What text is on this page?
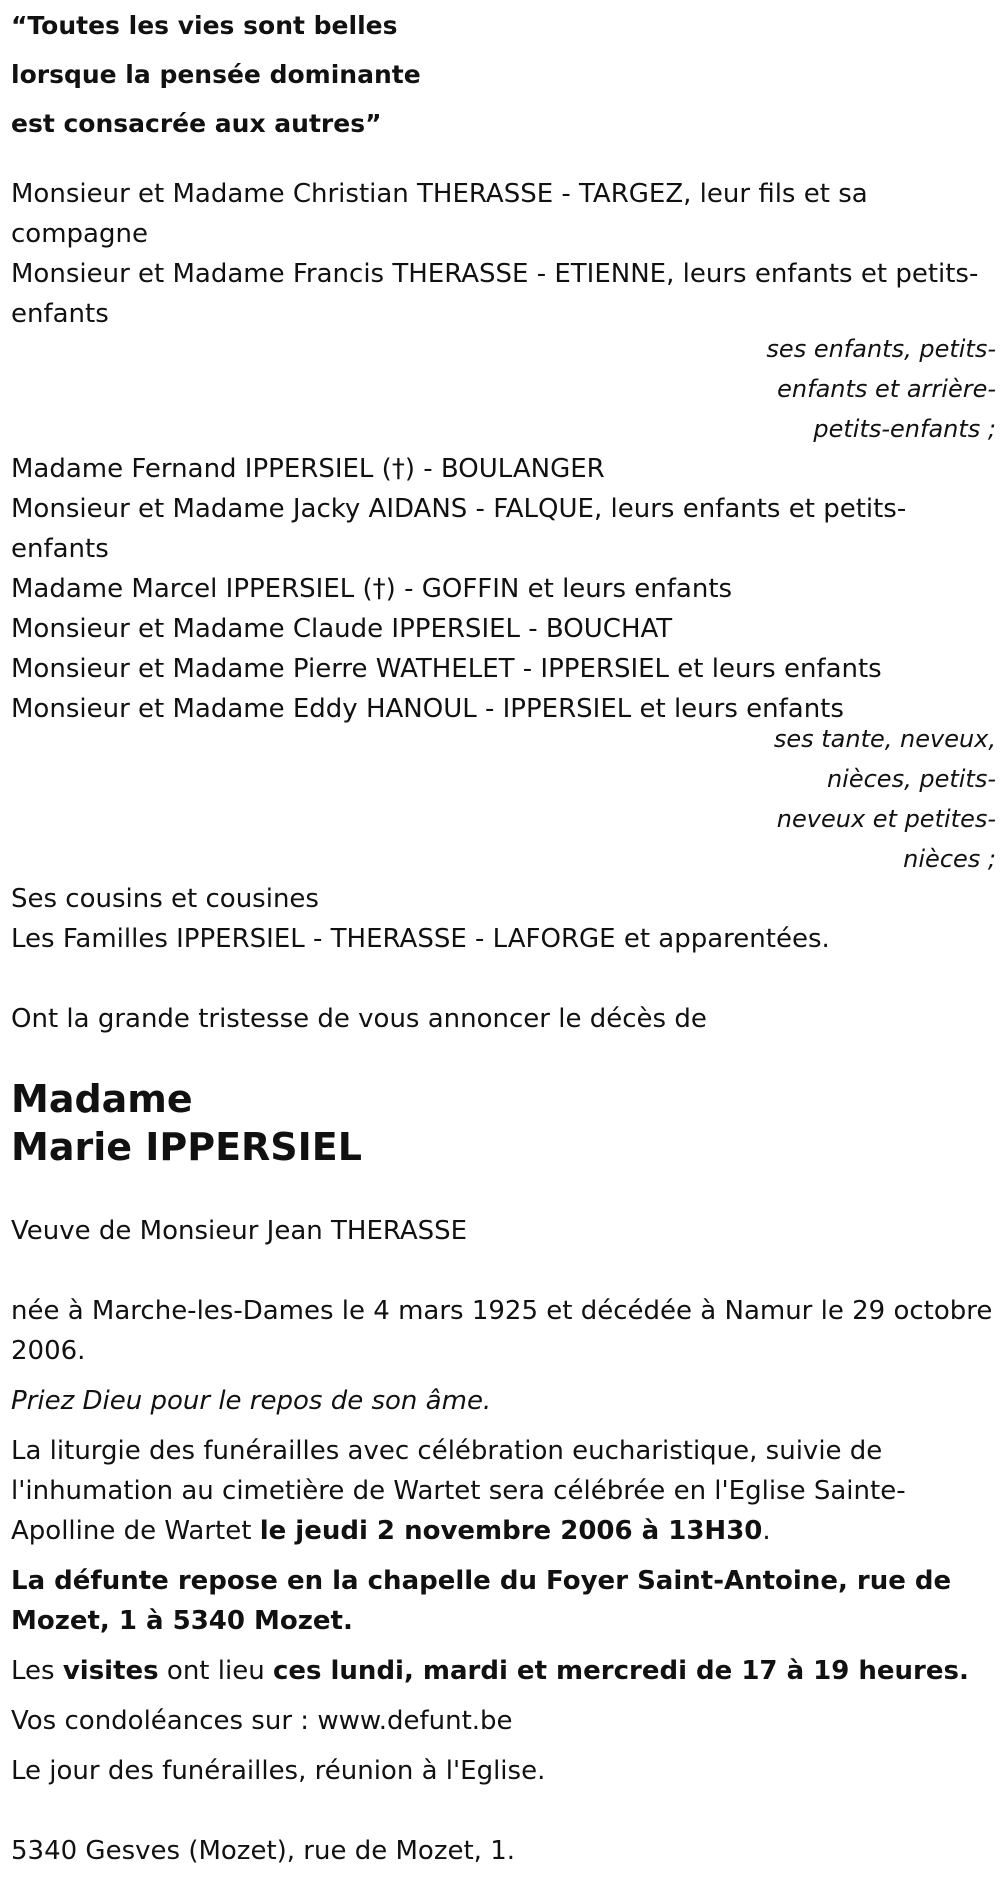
“Toutes les vies sont belles
lorsque la pensée dominante
est consacrée aux autres”
Monsieur et Madame Christian THERASSE - TARGEZ, leur fils et sa compagne
Monsieur et Madame Francis THERASSE - ETIENNE, leurs enfants et petits-enfants
ses enfants, petits-enfants et arrière-petits-enfants ;
Madame Fernand IPPERSIEL (†) - BOULANGER
Monsieur et Madame Jacky AIDANS - FALQUE, leurs enfants et petits-enfants
Madame Marcel IPPERSIEL (†) - GOFFIN et leurs enfants
Monsieur et Madame Claude IPPERSIEL - BOUCHAT
Monsieur et Madame Pierre WATHELET - IPPERSIEL et leurs enfants
Monsieur et Madame Eddy HANOUL - IPPERSIEL et leurs enfants
ses tante, neveux, nièces, petits-neveux et petites-nièces ;
Ses cousins et cousines
Les Familles IPPERSIEL - THERASSE - LAFORGE et apparentées.
Ont la grande tristesse de vous annoncer le décès de
Madame
Marie IPPERSIEL
Veuve de Monsieur Jean THERASSE
née à Marche-les-Dames le 4 mars 1925 et décédée à Namur le 29 octobre 2006.
Priez Dieu pour le repos de son âme.
La liturgie des funérailles avec célébration eucharistique, suivie de l'inhumation au cimetière de Wartet sera célébrée en l'Eglise Sainte-Apolline de Wartet le jeudi 2 novembre 2006 à 13H30.
La défunte repose en la chapelle du Foyer Saint-Antoine, rue de Mozet, 1 à 5340 Mozet.
Les visites ont lieu ces lundi, mardi et mercredi de 17 à 19 heures.
Vos condoléances sur : www.defunt.be
Le jour des funérailles, réunion à l'Eglise.
5340 Gesves (Mozet), rue de Mozet, 1.
